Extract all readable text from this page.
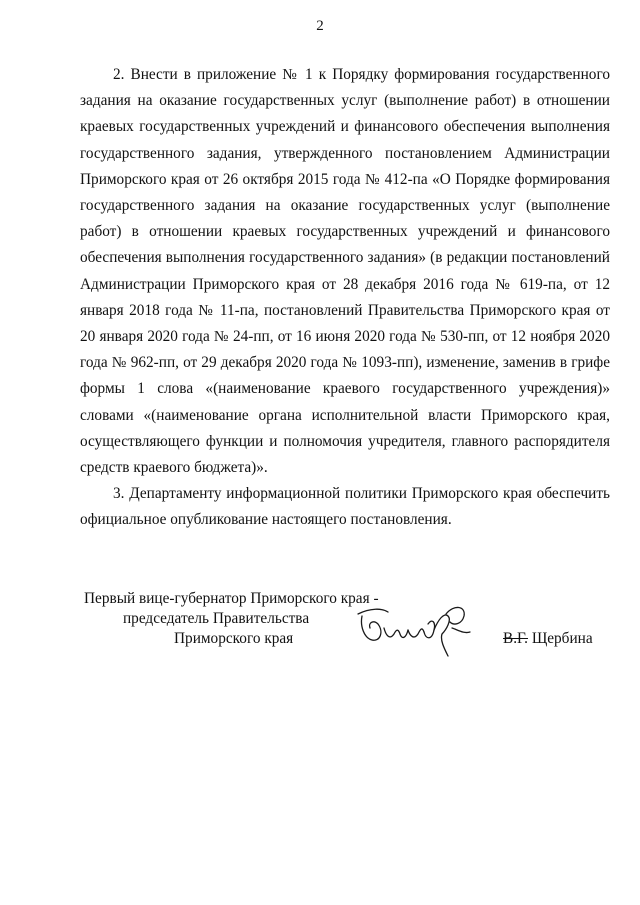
2

2. Внести в приложение № 1 к Порядку формирования государственного задания на оказание государственных услуг (выполнение работ) в отношении краевых государственных учреждений и финансового обеспечения выполнения государственного задания, утвержденного постановлением Администрации Приморского края от 26 октября 2015 года № 412-па «О Порядке формирования государственного задания на оказание государственных услуг (выполнение работ) в отношении краевых государственных учреждений и финансового обеспечения выполнения государственного задания» (в редакции постановлений Администрации Приморского края от 28 декабря 2016 года № 619-па, от 12 января 2018 года № 11-па, постановлений Правительства Приморского края от 20 января 2020 года № 24-пп, от 16 июня 2020 года № 530-пп, от 12 ноября 2020 года № 962-пп, от 29 декабря 2020 года № 1093-пп), изменение, заменив в грифе формы 1 слова «(наименование краевого государственного учреждения)» словами «(наименование органа исполнительной власти Приморского края, осуществляющего функции и полномочия учредителя, главного распорядителя средств краевого бюджета)».

3. Департаменту информационной политики Приморского края обеспечить официальное опубликование настоящего постановления.

Первый вице-губернатор Приморского края -
председатель Правительства
Приморского края	В.Г. Щербина
